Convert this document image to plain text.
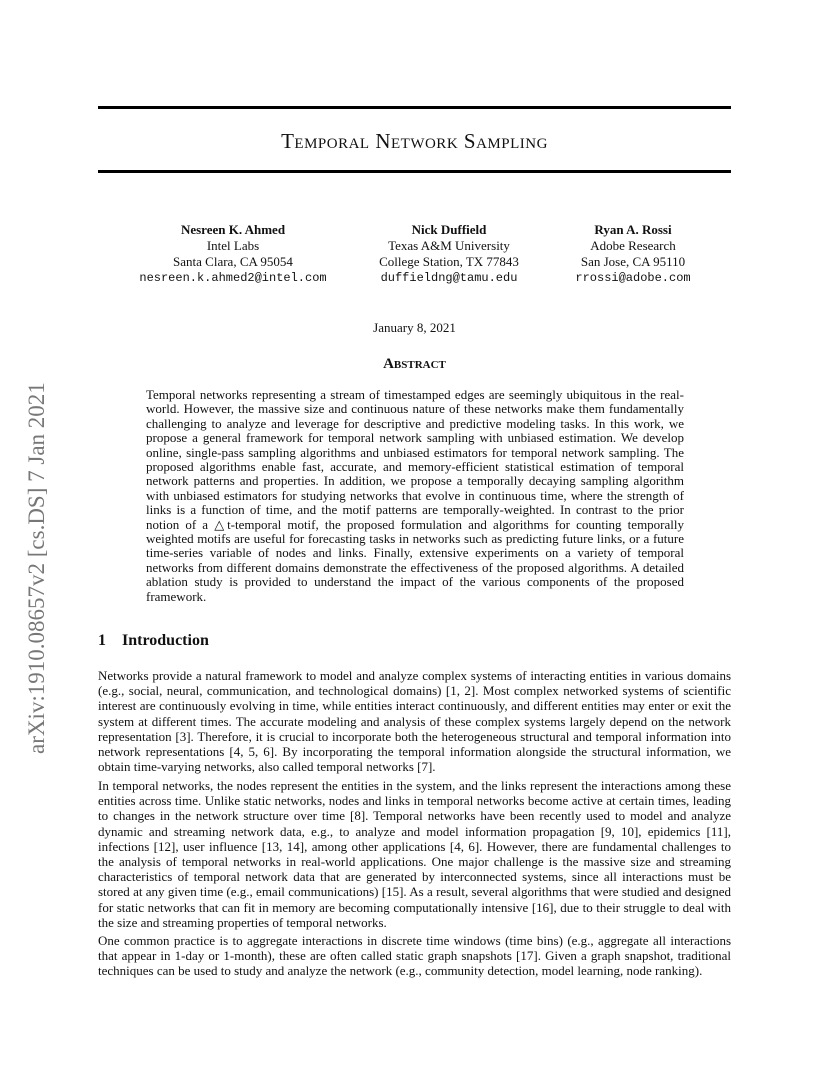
arXiv:1910.08657v2 [cs.DS] 7 Jan 2021
Temporal Network Sampling
Nesreen K. Ahmed
Intel Labs
Santa Clara, CA 95054
nesreen.k.ahmed2@intel.com
Nick Duffield
Texas A&M University
College Station, TX 77843
duffieldng@tamu.edu
Ryan A. Rossi
Adobe Research
San Jose, CA 95110
rrossi@adobe.com
January 8, 2021
Abstract

Temporal networks representing a stream of timestamped edges are seemingly ubiquitous in the real-world. However, the massive size and continuous nature of these networks make them fundamentally challenging to analyze and leverage for descriptive and predictive modeling tasks. In this work, we propose a general framework for temporal network sampling with unbiased estimation. We develop online, single-pass sampling algorithms and unbiased estimators for temporal network sampling. The proposed algorithms enable fast, accurate, and memory-efficient statistical estimation of temporal network patterns and properties. In addition, we propose a temporally decaying sampling algorithm with unbiased estimators for studying networks that evolve in continuous time, where the strength of links is a function of time, and the motif patterns are temporally-weighted. In contrast to the prior notion of a △t-temporal motif, the proposed formulation and algorithms for counting temporally weighted motifs are useful for forecasting tasks in networks such as predicting future links, or a future time-series variable of nodes and links. Finally, extensive experiments on a variety of temporal networks from different domains demonstrate the effectiveness of the proposed algorithms. A detailed ablation study is provided to understand the impact of the various components of the proposed framework.

1 Introduction

Networks provide a natural framework to model and analyze complex systems of interacting entities in various domains (e.g., social, neural, communication, and technological domains) [1, 2]. Most complex networked systems of scientific interest are continuously evolving in time, while entities interact continuously, and different entities may enter or exit the system at different times. The accurate modeling and analysis of these complex systems largely depend on the network representation [3]. Therefore, it is crucial to incorporate both the heterogeneous structural and temporal information into network representations [4, 5, 6]. By incorporating the temporal information alongside the structural information, we obtain time-varying networks, also called temporal networks [7].

In temporal networks, the nodes represent the entities in the system, and the links represent the interactions among these entities across time. Unlike static networks, nodes and links in temporal networks become active at certain times, leading to changes in the network structure over time [8]. Temporal networks have been recently used to model and analyze dynamic and streaming network data, e.g., to analyze and model information propagation [9, 10], epidemics [11], infections [12], user influence [13, 14], among other applications [4, 6]. However, there are fundamental challenges to the analysis of temporal networks in real-world applications. One major challenge is the massive size and streaming characteristics of temporal network data that are generated by interconnected systems, since all interactions must be stored at any given time (e.g., email communications) [15]. As a result, several algorithms that were studied and designed for static networks that can fit in memory are becoming computationally intensive [16], due to their struggle to deal with the size and streaming properties of temporal networks.

One common practice is to aggregate interactions in discrete time windows (time bins) (e.g., aggregate all interactions that appear in 1-day or 1-month), these are often called static graph snapshots [17]. Given a graph snapshot, traditional techniques can be used to study and analyze the network (e.g., community detection, model learning, node ranking).
